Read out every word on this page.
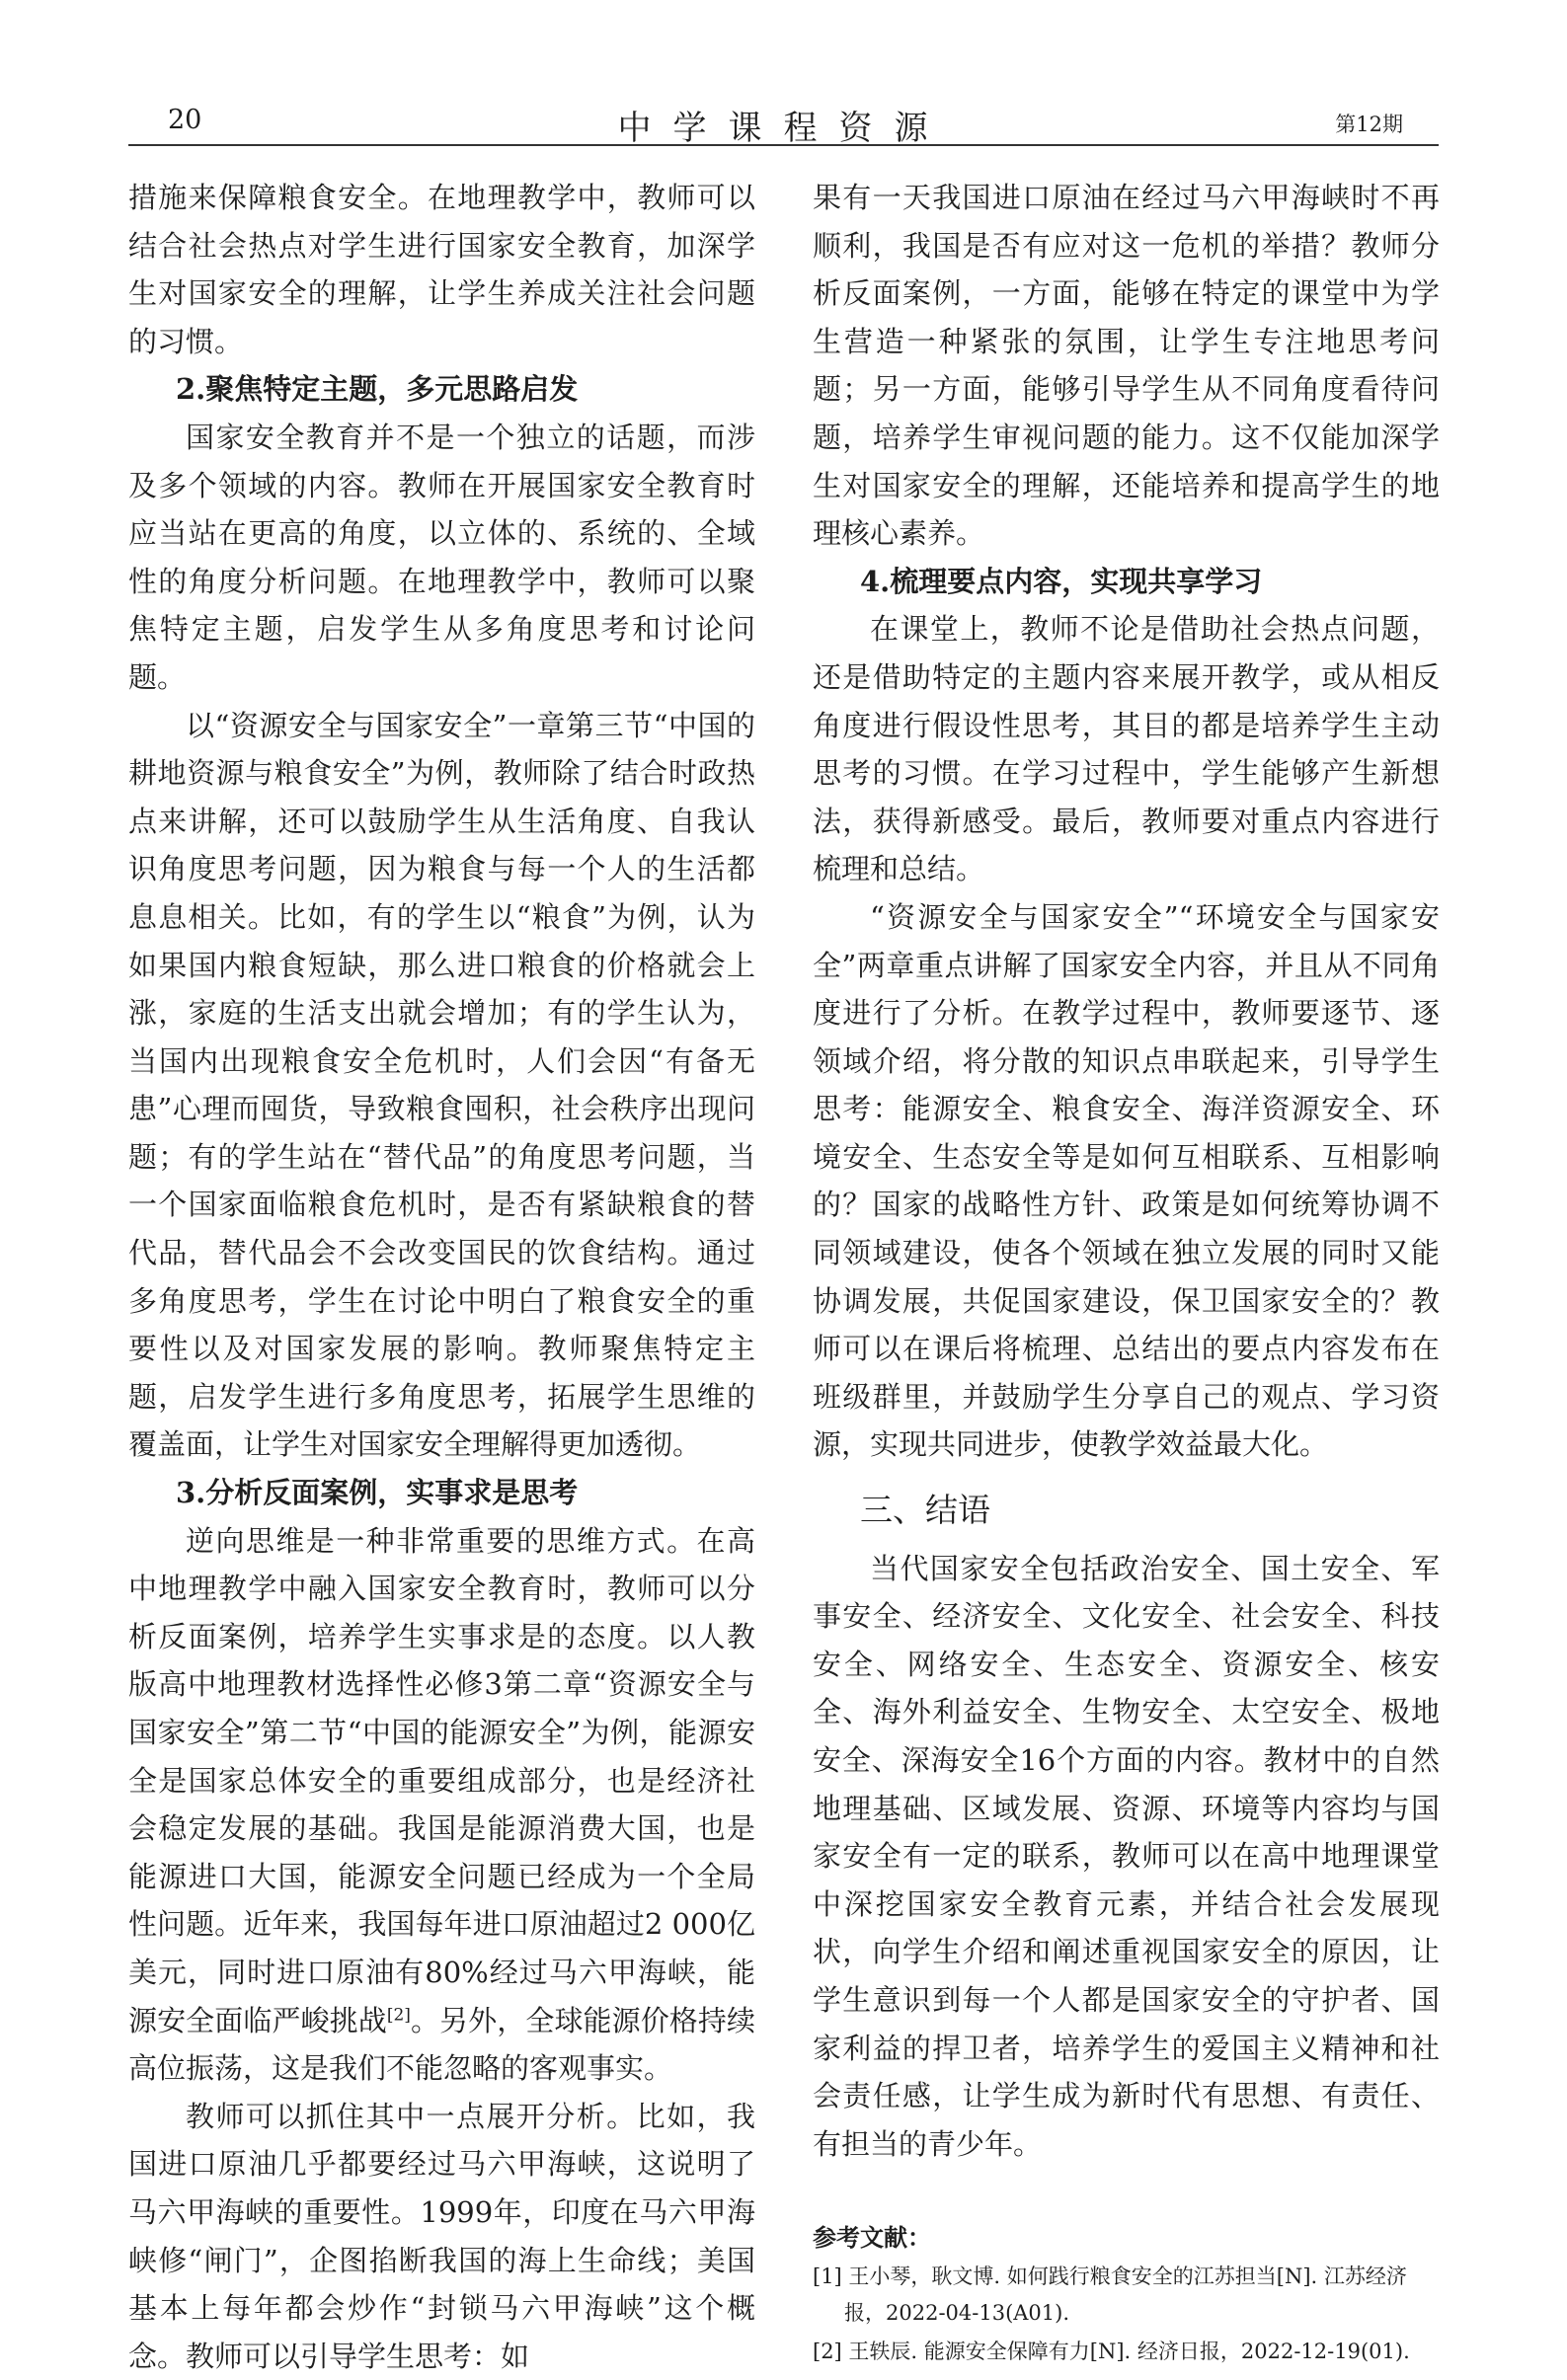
20	中学课程资源	第12期

措施来保障粮食安全。在地理教学中，教师可以结合社会热点对学生进行国家安全教育，加深学生对国家安全的理解，让学生养成关注社会问题的习惯。

2.聚焦特定主题，多元思路启发

国家安全教育并不是一个独立的话题，而涉及多个领域的内容。教师在开展国家安全教育时应当站在更高的角度，以立体的、系统的、全域性的角度分析问题。在地理教学中，教师可以聚焦特定主题，启发学生从多角度思考和讨论问题。

以“资源安全与国家安全”一章第三节“中国的耕地资源与粮食安全”为例，教师除了结合时政热点来讲解，还可以鼓励学生从生活角度、自我认识角度思考问题，因为粮食与每一个人的生活都息息相关。比如，有的学生以“粮食”为例，认为如果国内粮食短缺，那么进口粮食的价格就会上涨，家庭的生活支出就会增加；有的学生认为，当国内出现粮食安全危机时，人们会因“有备无患”心理而囤货，导致粮食囤积，社会秩序出现问题；有的学生站在“替代品”的角度思考问题，当一个国家面临粮食危机时，是否有紧缺粮食的替代品，替代品会不会改变国民的饮食结构。通过多角度思考，学生在讨论中明白了粮食安全的重要性以及对国家发展的影响。教师聚焦特定主题，启发学生进行多角度思考，拓展学生思维的覆盖面，让学生对国家安全理解得更加透彻。

3.分析反面案例，实事求是思考

逆向思维是一种非常重要的思维方式。在高中地理教学中融入国家安全教育时，教师可以分析反面案例，培养学生实事求是的态度。以人教版高中地理教材选择性必修3第二章“资源安全与国家安全”第二节“中国的能源安全”为例，能源安全是国家总体安全的重要组成部分，也是经济社会稳定发展的基础。我国是能源消费大国，也是能源进口大国，能源安全问题已经成为一个全局性问题。近年来，我国每年进口原油超过2 000亿美元，同时进口原油有80%经过马六甲海峡，能源安全面临严峻挑战[2]。另外，全球能源价格持续高位振荡，这是我们不能忽略的客观事实。

教师可以抓住其中一点展开分析。比如，我国进口原油几乎都要经过马六甲海峡，这说明了马六甲海峡的重要性。1999年，印度在马六甲海峡修“闸门”，企图掐断我国的海上生命线；美国基本上每年都会炒作“封锁马六甲海峡”这个概念。教师可以引导学生思考：如

果有一天我国进口原油在经过马六甲海峡时不再顺利，我国是否有应对这一危机的举措？教师分析反面案例，一方面，能够在特定的课堂中为学生营造一种紧张的氛围，让学生专注地思考问题；另一方面，能够引导学生从不同角度看待问题，培养学生审视问题的能力。这不仅能加深学生对国家安全的理解，还能培养和提高学生的地理核心素养。

4.梳理要点内容，实现共享学习

在课堂上，教师不论是借助社会热点问题，还是借助特定的主题内容来展开教学，或从相反角度进行假设性思考，其目的都是培养学生主动思考的习惯。在学习过程中，学生能够产生新想法，获得新感受。最后，教师要对重点内容进行梳理和总结。

“资源安全与国家安全”“环境安全与国家安全”两章重点讲解了国家安全内容，并且从不同角度进行了分析。在教学过程中，教师要逐节、逐领域介绍，将分散的知识点串联起来，引导学生思考：能源安全、粮食安全、海洋资源安全、环境安全、生态安全等是如何互相联系、互相影响的？国家的战略性方针、政策是如何统筹协调不同领域建设，使各个领域在独立发展的同时又能协调发展，共促国家建设，保卫国家安全的？教师可以在课后将梳理、总结出的要点内容发布在班级群里，并鼓励学生分享自己的观点、学习资源，实现共同进步，使教学效益最大化。

三、结语

当代国家安全包括政治安全、国土安全、军事安全、经济安全、文化安全、社会安全、科技安全、网络安全、生态安全、资源安全、核安全、海外利益安全、生物安全、太空安全、极地安全、深海安全16个方面的内容。教材中的自然地理基础、区域发展、资源、环境等内容均与国家安全有一定的联系，教师可以在高中地理课堂中深挖国家安全教育元素，并结合社会发展现状，向学生介绍和阐述重视国家安全的原因，让学生意识到每一个人都是国家安全的守护者、国家利益的捍卫者，培养学生的爱国主义精神和社会责任感，让学生成为新时代有思想、有责任、有担当的青少年。

参考文献：
[1] 王小琴，耿文博. 如何践行粮食安全的江苏担当[N]. 江苏经济报，2022-04-13(A01).
[2] 王轶辰. 能源安全保障有力[N]. 经济日报，2022-12-19(01).
